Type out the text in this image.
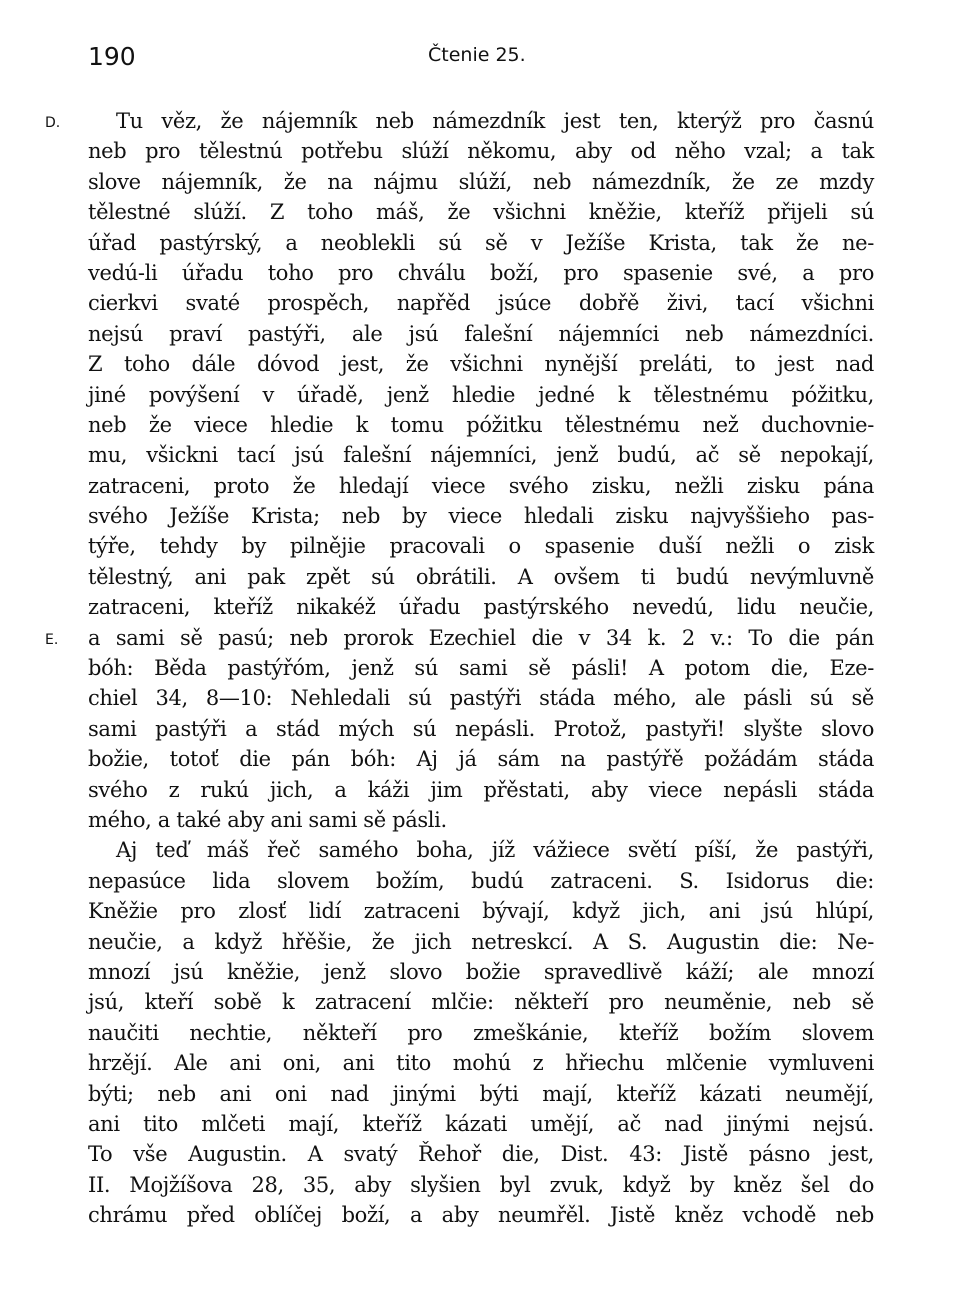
190	Čtenie 25.
D.	Tu věz, že nájemník neb námezdník jest ten, kterýž pro časnú
neb pro tělestnú potřebu slúží někomu, aby od něho vzal; a tak
slove nájemník, že na nájmu slúží, neb námezdník, že ze mzdy
tělestné slúží. Z toho máš, že všichni kněžie, kteříž přijeli sú
úřad pastýrský, a neoblekli sú sě v Ježíše Krista, tak že ne-
vedú-li úřadu toho pro chválu boží, pro spasenie své, a pro
cierkvi svaté prospěch, napřěd jsúce dobřě živi, tací všichni
nejsú praví pastýři, ale jsú falešní nájemníci neb námezdníci.
Z toho dále dóvod jest, že všichni nynější preláti, to jest nad
jiné povýšení v úřadě, jenž hledie jedné k tělestnému póžitku,
neb že viece hledie k tomu póžitku tělestnému než duchovnie-
mu, všickni tací jsú falešní nájemníci, jenž budú, ač sě nepokají,
zatraceni, proto že hledají viece svého zisku, nežli zisku pána
svého Ježíše Krista; neb by viece hledali zisku najvyššieho pas-
týře, tehdy by pilnějie pracovali o spasenie duší nežli o zisk
tělestný, ani pak zpět sú obrátili. A ovšem ti budú nevýmluvně
zatraceni, kteříž nikakéž úřadu pastýrského nevedú, lidu neučie,
E. a sami sě pasú; neb prorok Ezechiel die v 34 k. 2 v.: To die pán
bóh: Běda pastýřóm, jenž sú sami sě pásli! A potom die, Eze-
chiel 34, 8—10: Nehledali sú pastýři stáda mého, ale pásli sú sě
sami pastýři a stád mých sú nepásli. Protož, pastyři! slyšte slovo
božie, totoť die pán bóh: Aj já sám na pastýřě požádám stáda
svého z rukú jich, a káži jim přěstati, aby viece nepásli stáda
mého, a také aby ani sami sě pásli.
Aj teď máš řeč samého boha, jíž vážiece světí píší, že pastýři,
nepasúce lida slovem božím, budú zatraceni. S. Isidorus die:
Kněžie pro zlosť lidí zatraceni bývají, když jich, ani jsú hlúpí,
neučie, a když hřěšie, že jich netreskcí. A S. Augustin die: Ne-
mnozí jsú kněžie, jenž slovo božie spravedlivě káží; ale mnozí
jsú, kteří sobě k zatracení mlčie: někteří pro neuměnie, neb sě
naučiti nechtie, někteří pro zmeškánie, kteříž božím slovem
hrzějí. Ale ani oni, ani tito mohú z hřiechu mlčenie vymluveni
býti; neb ani oni nad jinými býti mají, kteříž kázati neumějí,
ani tito mlčeti mají, kteříž kázati umějí, ač nad jinými nejsú.
To vše Augustin. A svatý Řehoř die, Dist. 43: Jistě pásno jest,
II. Mojžíšova 28, 35, aby slyšien byl zvuk, když by kněz šel do
chrámu před oblíčej boží, a aby neumřěl. Jistě kněz vchodě neb
